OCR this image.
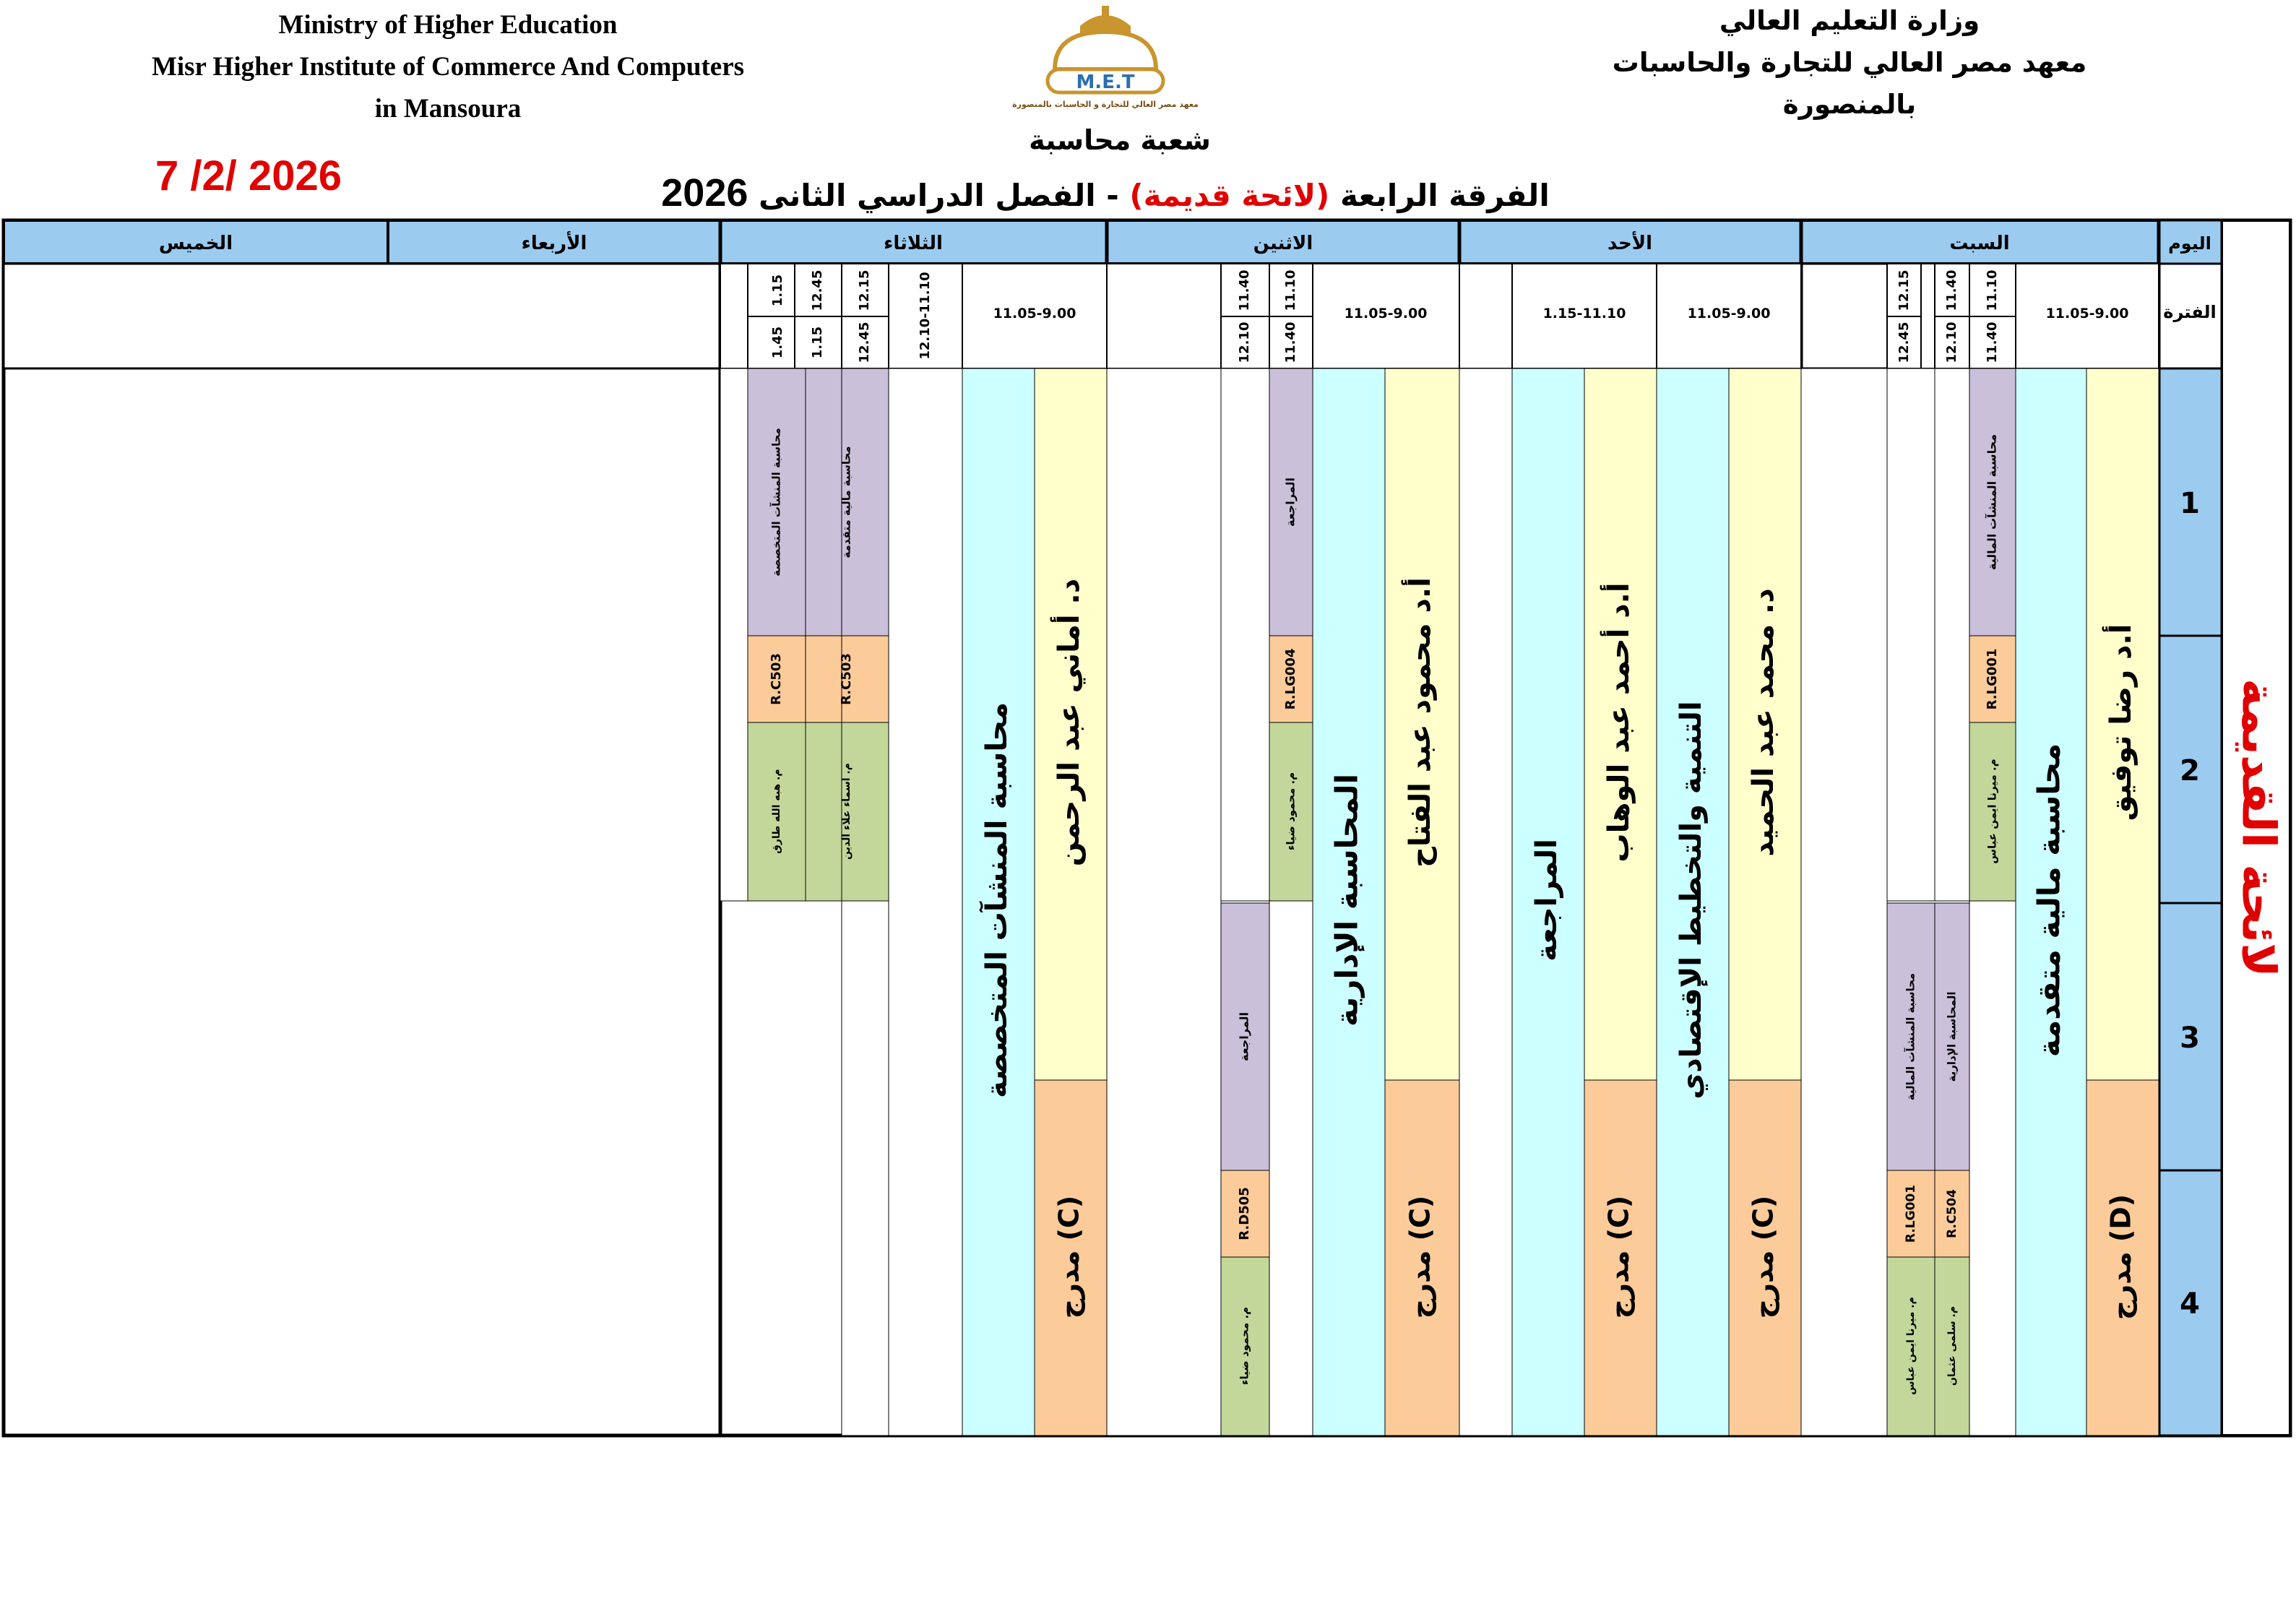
Ministry of Higher Education
Misr Higher Institute of Commerce And Computers
in Mansoura
وزارة التعليم العالي
معهد مصر العالي للتجارة والحاسبات
بالمنصورة
M.E.T
معهد مصر العالي للتجارة و الحاسبات بالمنصورة
شعبة محاسبة
الفرقة الرابعة (لائحة قديمة) - الفصل الدراسي الثانى 2026
7 /2/ 2026
لائحة القديمة
اليوم
الفترة
1
2
3
4
السبت
الأحد
الاثنين
الثلاثاء
الأربعاء
الخميس
11.05-9.00
11.10
11.40
11.40
12.10
12.15
12.45
أ.د رضا توفيق
مدرج (D)
محاسبة مالية متقدمة
محاسبة المنشآت المالية
R.LG001
م. ميرنا ايمن عباس
المحاسبة الإدارية
R.C504
م. سلمى عثمان
محاسبة المنشآت المالية
R.LG001
م. ميرنا ايمن عباس
11.05-9.00
1.15-11.10
د. محمد عبد الحميد
مدرج (C)
التنمية والتخطيط الإقتصادي
أ.د أحمد عبد الوهاب
مدرج (C)
المراجعة
11.05-9.00
11.10
11.40
11.40
12.10
أ.د محمود عبد الفتاح
مدرج (C)
المحاسبة الإدارية
المراجعة
R.LG004
م. محمود ضياء
المراجعة
R.D505
م. محمود ضياء
11.05-9.00
12.10-11.10
12.15
12.45
12.45
1.15
1.15
1.45
د. أماني عبد الرحمن
مدرج (C)
محاسبة المنشآت المتخصصة
محاسبة مالية متقدمة
R.C503
م. اسماء علاء الدين
محاسبة المنشآت المتخصصة
R.C503
م. هبه الله طارق
